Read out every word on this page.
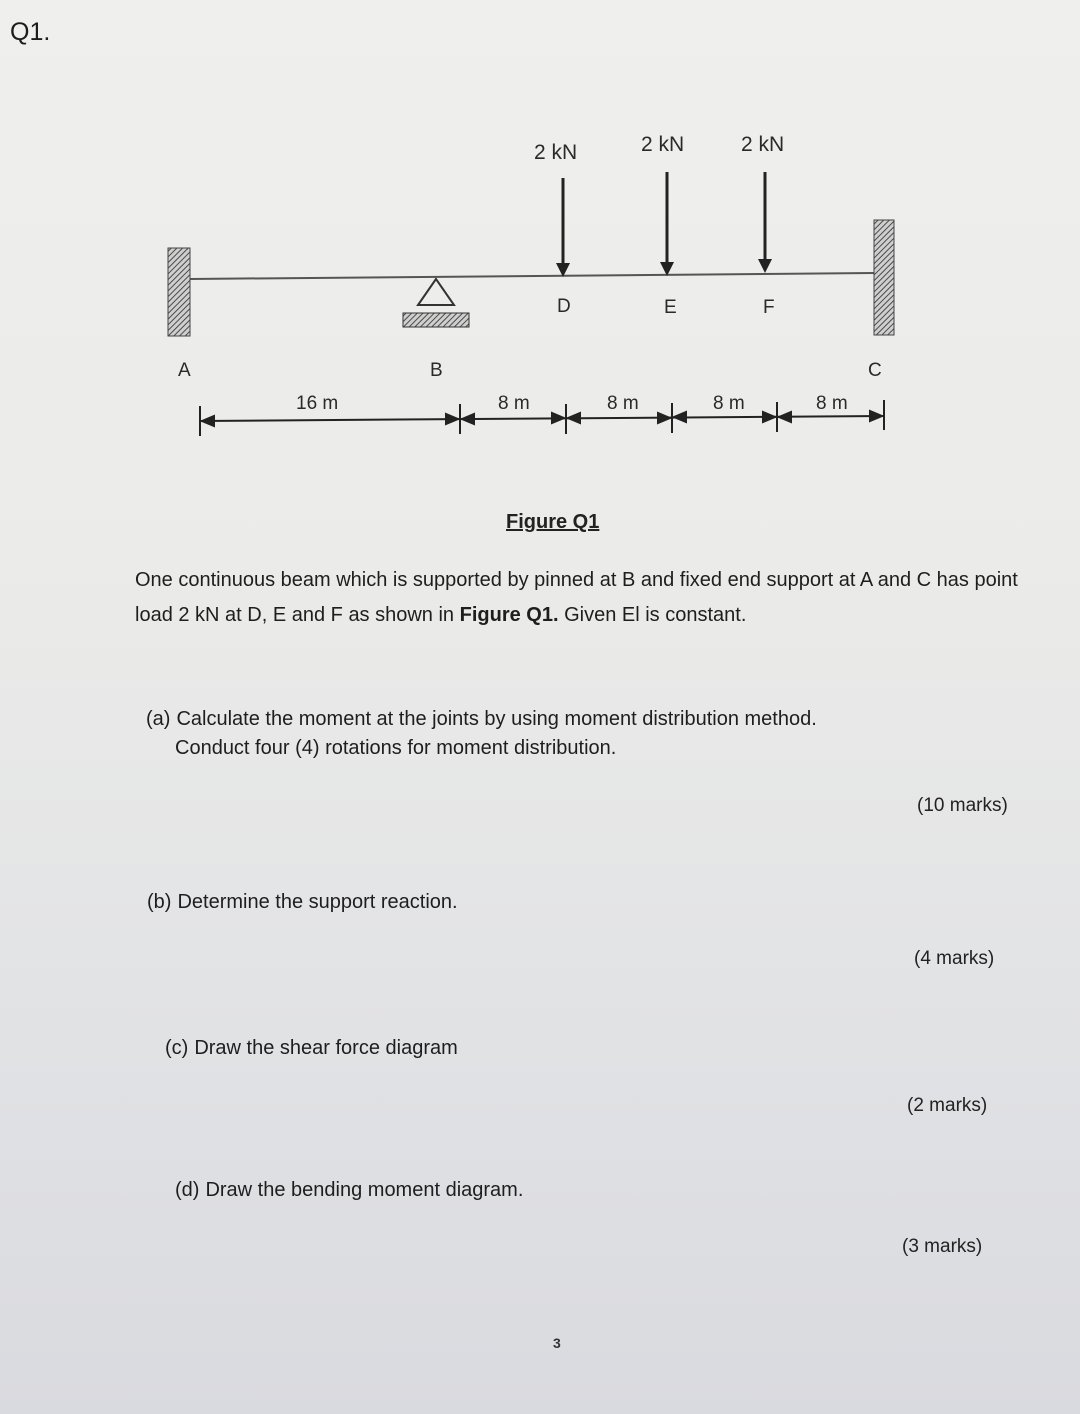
Q1.

2 kN	2 kN	2 kN
D	E	F
A	B	C
16 m	8 m	8 m	8 m	8 m

Figure Q1

One continuous beam which is supported by pinned at B and fixed end support at A and C has point load 2 kN at D, E and F as shown in Figure Q1. Given El is constant.

(a) Calculate the moment at the joints by using moment distribution method.

Conduct four (4) rotations for moment distribution.

(10 marks)

(b) Determine the support reaction.

(4 marks)

(c) Draw the shear force diagram

(2 marks)

(d) Draw the bending moment diagram.

(3 marks)

3
